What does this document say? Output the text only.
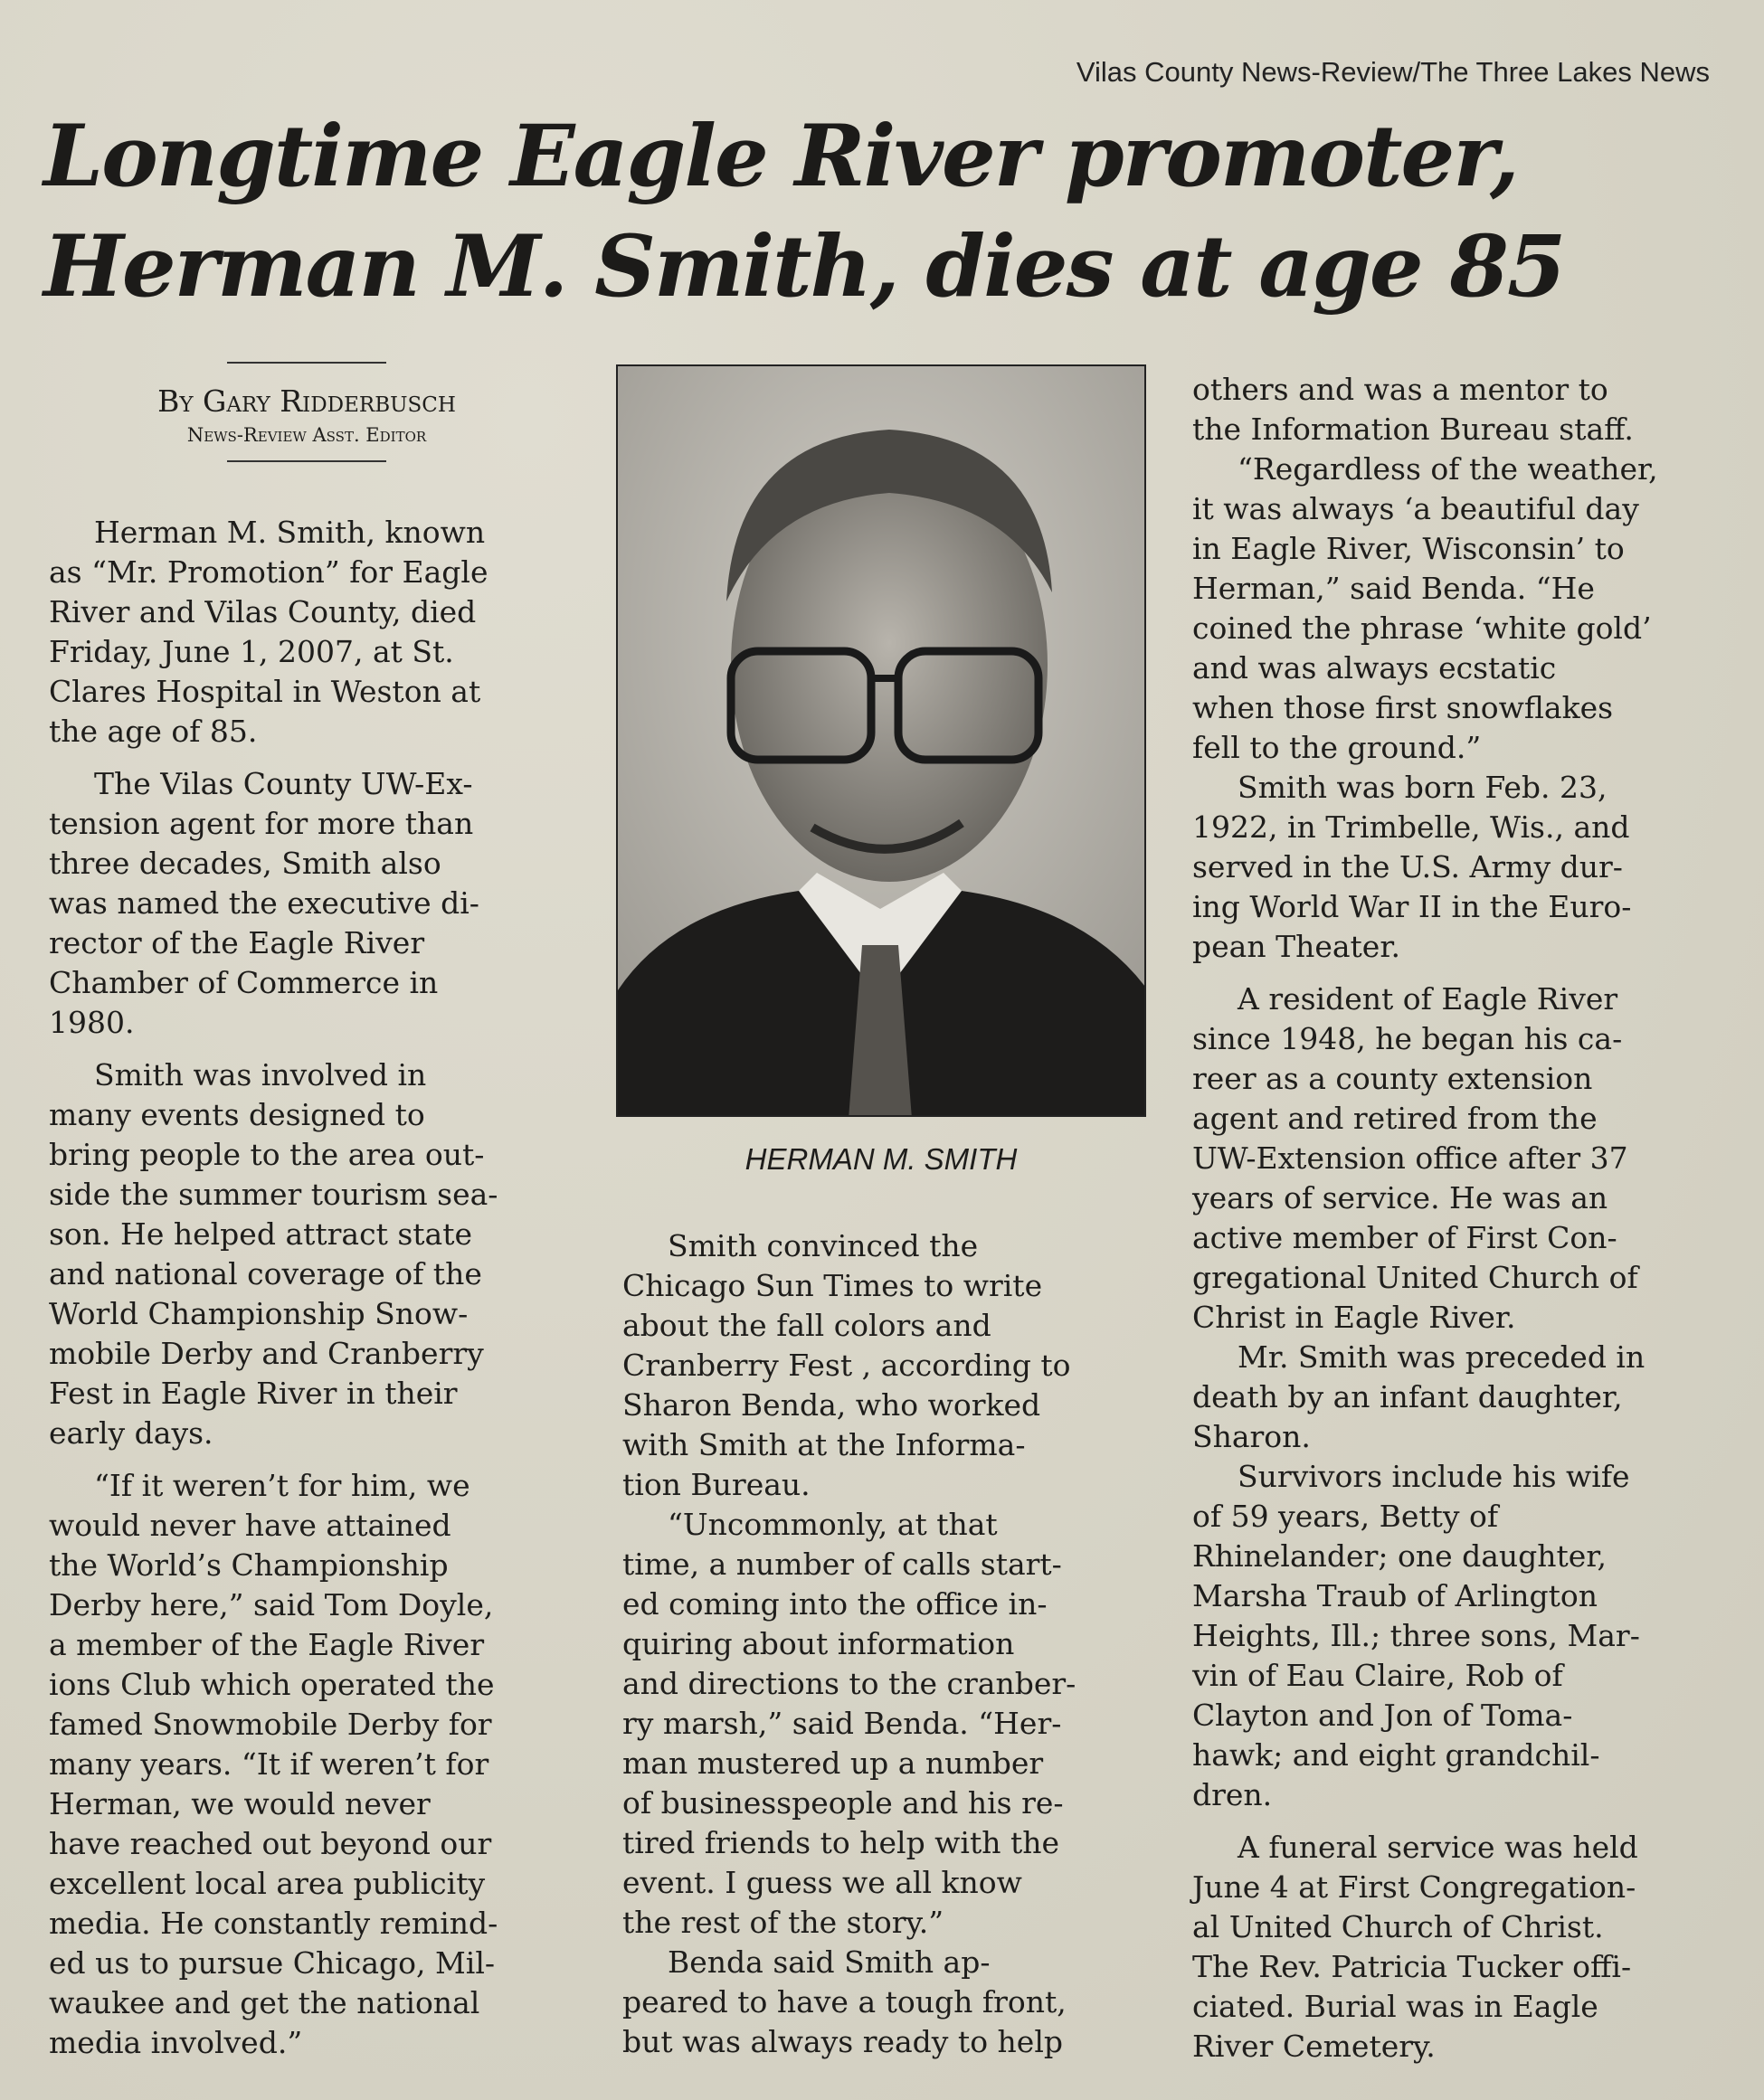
Vilas County News-Review/The Three Lakes News
Longtime Eagle River promoter,
Herman M. Smith, dies at age 85
By Gary Ridderbusch
News-Review Asst. Editor

Herman M. Smith, known
as “Mr. Promotion” for Eagle
River and Vilas County, died
Friday, June 1, 2007, at St.
Clares Hospital in Weston at
the age of 85.

The Vilas County UW-Ex-
tension agent for more than
three decades, Smith also
was named the executive di-
rector of the Eagle River
Chamber of Commerce in
1980.

Smith was involved in
many events designed to
bring people to the area out-
side the summer tourism sea-
son. He helped attract state
and national coverage of the
World Championship Snow-
mobile Derby and Cranberry
Fest in Eagle River in their
early days.

“If it weren’t for him, we
would never have attained
the World’s Championship
Derby here,” said Tom Doyle,
a member of the Eagle River
ions Club which operated the
famed Snowmobile Derby for
many years. “It if weren’t for
Herman, we would never
have reached out beyond our
excellent local area publicity
media. He constantly remind-
ed us to pursue Chicago, Mil-
waukee and get the national
media involved.”

HERMAN M. SMITH

Smith convinced the
Chicago Sun Times to write
about the fall colors and
Cranberry Fest , according to
Sharon Benda, who worked
with Smith at the Informa-
tion Bureau.

“Uncommonly, at that
time, a number of calls start-
ed coming into the office in-
quiring about information
and directions to the cranber-
ry marsh,” said Benda. “Her-
man mustered up a number
of businesspeople and his re-
tired friends to help with the
event. I guess we all know
the rest of the story.”

Benda said Smith ap-
peared to have a tough front,
but was always ready to help

others and was a mentor to
the Information Bureau staff.

“Regardless of the weather,
it was always ‘a beautiful day
in Eagle River, Wisconsin’ to
Herman,” said Benda. “He
coined the phrase ‘white gold’
and was always ecstatic
when those first snowflakes
fell to the ground.”

Smith was born Feb. 23,
1922, in Trimbelle, Wis., and
served in the U.S. Army dur-
ing World War II in the Euro-
pean Theater.

A resident of Eagle River
since 1948, he began his ca-
reer as a county extension
agent and retired from the
UW-Extension office after 37
years of service. He was an
active member of First Con-
gregational United Church of
Christ in Eagle River.

Mr. Smith was preceded in
death by an infant daughter,
Sharon.

Survivors include his wife
of 59 years, Betty of
Rhinelander; one daughter,
Marsha Traub of Arlington
Heights, Ill.; three sons, Mar-
vin of Eau Claire, Rob of
Clayton and Jon of Toma-
hawk; and eight grandchil-
dren.

A funeral service was held
June 4 at First Congregation-
al United Church of Christ.
The Rev. Patricia Tucker offi-
ciated. Burial was in Eagle
River Cemetery.
